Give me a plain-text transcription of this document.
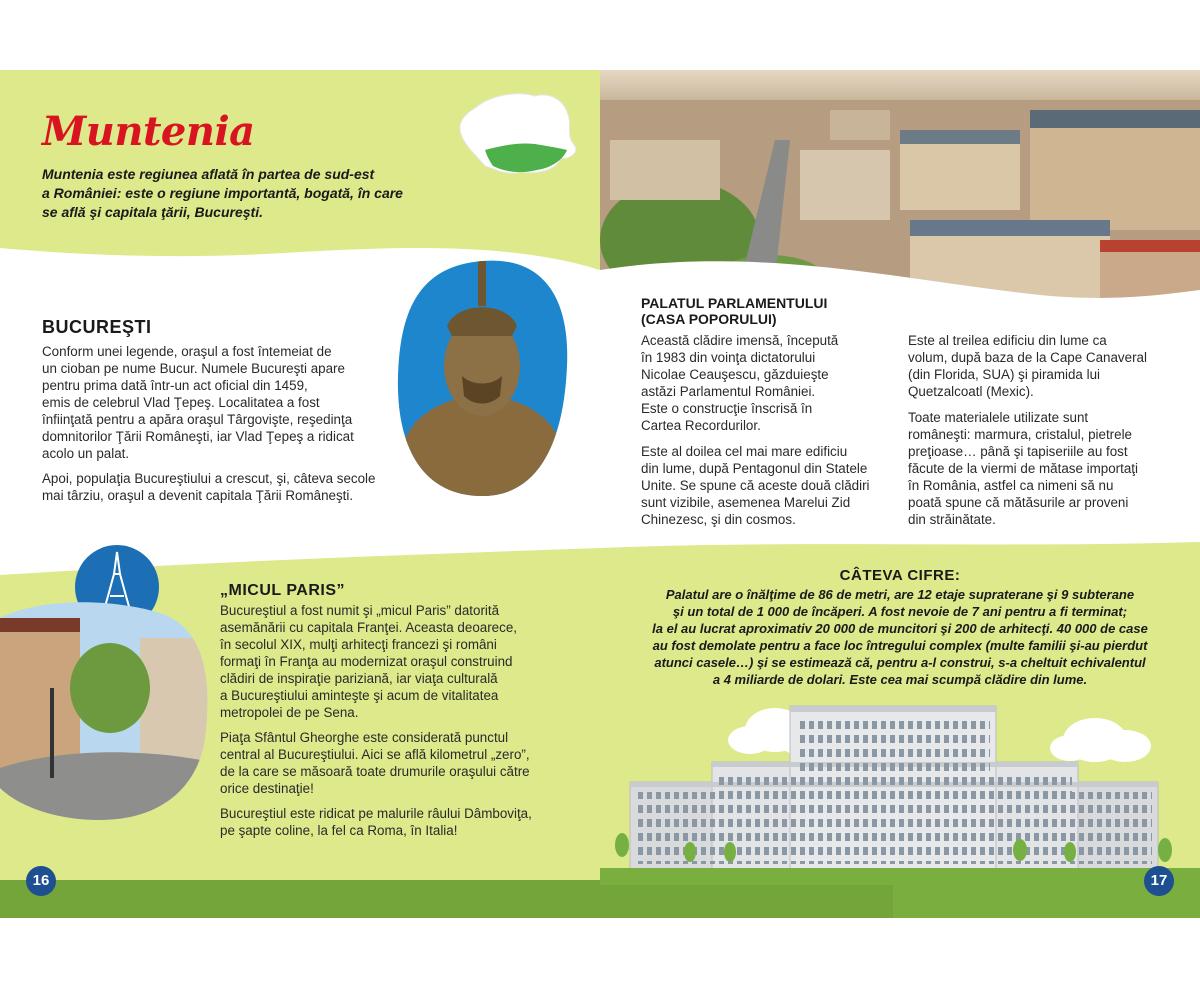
Muntenia
Muntenia este regiunea aflată în partea de sud-est
a României: este o regiune importantă, bogată, în care
se află şi capitala ţării, Bucureşti.
BUCUREŞTI

Conform unei legende, oraşul a fost întemeiat de
un cioban pe nume Bucur. Numele Bucureşti apare
pentru prima dată într-un act oficial din 1459,
emis de celebrul Vlad Ţepeş. Localitatea a fost
înfiinţată pentru a apăra oraşul Târgovişte, reşedinţa
domnitorilor Ţării Româneşti, iar Vlad Ţepeş a ridicat
acolo un palat.

Apoi, populaţia Bucureştiului a crescut, şi, câteva secole
mai târziu, oraşul a devenit capitala Ţării Româneşti.

PALATUL PARLAMENTULUI
(CASA POPORULUI)

Această clădire imensă, începută
în 1983 din voinţa dictatorului
Nicolae Ceauşescu, găzduieşte
astăzi Parlamentul României.
Este o construcţie înscrisă în
Cartea Recordurilor.

Este al doilea cel mai mare edificiu
din lume, după Pentagonul din Statele
Unite. Se spune că aceste două clădiri
sunt vizibile, asemenea Marelui Zid
Chinezesc, şi din cosmos.

Este al treilea edificiu din lume ca
volum, după baza de la Cape Canaveral
(din Florida, SUA) şi piramida lui
Quetzalcoatl (Mexic).

Toate materialele utilizate sunt
româneşti: marmura, cristalul, pietrele
preţioase… până şi tapiseriile au fost
făcute de la viermi de mătase importaţi
în România, astfel ca nimeni să nu
poată spune că mătăsurile ar proveni
din străinătate.

„MICUL PARIS”

Bucureştiul a fost numit şi „micul Paris” datorită
asemănării cu capitala Franţei. Aceasta deoarece,
în secolul XIX, mulţi arhitecţi francezi şi români
formaţi în Franţa au modernizat oraşul construind
clădiri de inspiraţie pariziană, iar viaţa culturală
a Bucureştiului aminteşte şi acum de vitalitatea
metropolei de pe Sena.

Piaţa Sfântul Gheorghe este considerată punctul
central al Bucureştiului. Aici se află kilometrul „zero”,
de la care se măsoară toate drumurile oraşului către
orice destinaţie!

Bucureştiul este ridicat pe malurile râului Dâmboviţa,
pe şapte coline, la fel ca Roma, în Italia!

CÂTEVA CIFRE:
Palatul are o înălţime de 86 de metri, are 12 etaje supraterane şi 9 subterane
şi un total de 1 000 de încăperi. A fost nevoie de 7 ani pentru a fi terminat;
la el au lucrat aproximativ 20 000 de muncitori şi 200 de arhitecţi. 40 000 de case
au fost demolate pentru a face loc întregului complex (multe familii şi-au pierdut
atunci casele…) şi se estimează că, pentru a-l construi, s-a cheltuit echivalentul
a 4 miliarde de dolari. Este cea mai scumpă clădire din lume.
16	17
